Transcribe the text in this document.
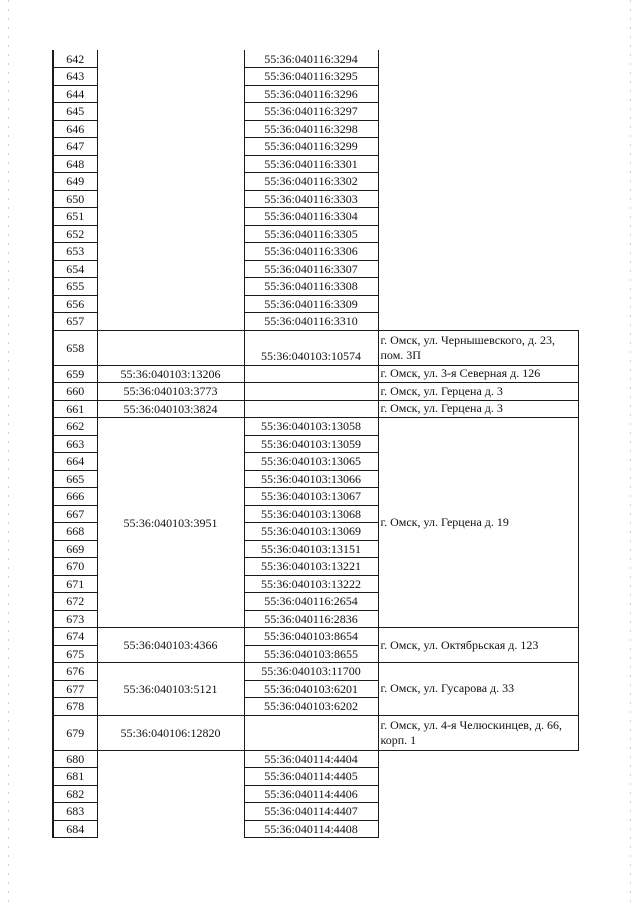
642		55:36:040116:3294	
643		55:36:040116:3295	
644		55:36:040116:3296	
645		55:36:040116:3297	
646		55:36:040116:3298	
647		55:36:040116:3299	
648		55:36:040116:3301	
649		55:36:040116:3302	
650		55:36:040116:3303	
651		55:36:040116:3304	
652		55:36:040116:3305	
653		55:36:040116:3306	
654		55:36:040116:3307	
655		55:36:040116:3308	
656		55:36:040116:3309	
657		55:36:040116:3310	
658		55:36:040103:10574	г. Омск, ул. Чернышевского, д. 23, пом. 3П
659	55:36:040103:13206		г. Омск, ул. 3-я Северная д. 126
660	55:36:040103:3773		г. Омск, ул. Герцена д. 3
661	55:36:040103:3824		г. Омск, ул. Герцена д. 3
662	55:36:040103:3951	55:36:040103:13058	г. Омск, ул. Герцена д. 19
663		55:36:040103:13059	
664		55:36:040103:13065	
665		55:36:040103:13066	
666		55:36:040103:13067	
667		55:36:040103:13068	
668		55:36:040103:13069	
669		55:36:040103:13151	
670		55:36:040103:13221	
671		55:36:040103:13222	
672		55:36:040116:2654	
673		55:36:040116:2836	
674	55:36:040103:4366	55:36:040103:8654	г. Омск, ул. Октябрьская д. 123
675		55:36:040103:8655	
676	55:36:040103:5121	55:36:040103:11700	г. Омск, ул. Гусарова д. 33
677		55:36:040103:6201	
678		55:36:040103:6202	
679	55:36:040106:12820		г. Омск, ул. 4-я Челюскинцев, д. 66, корп. 1
680		55:36:040114:4404	
681		55:36:040114:4405	
682		55:36:040114:4406	
683		55:36:040114:4407	
684		55:36:040114:4408	
